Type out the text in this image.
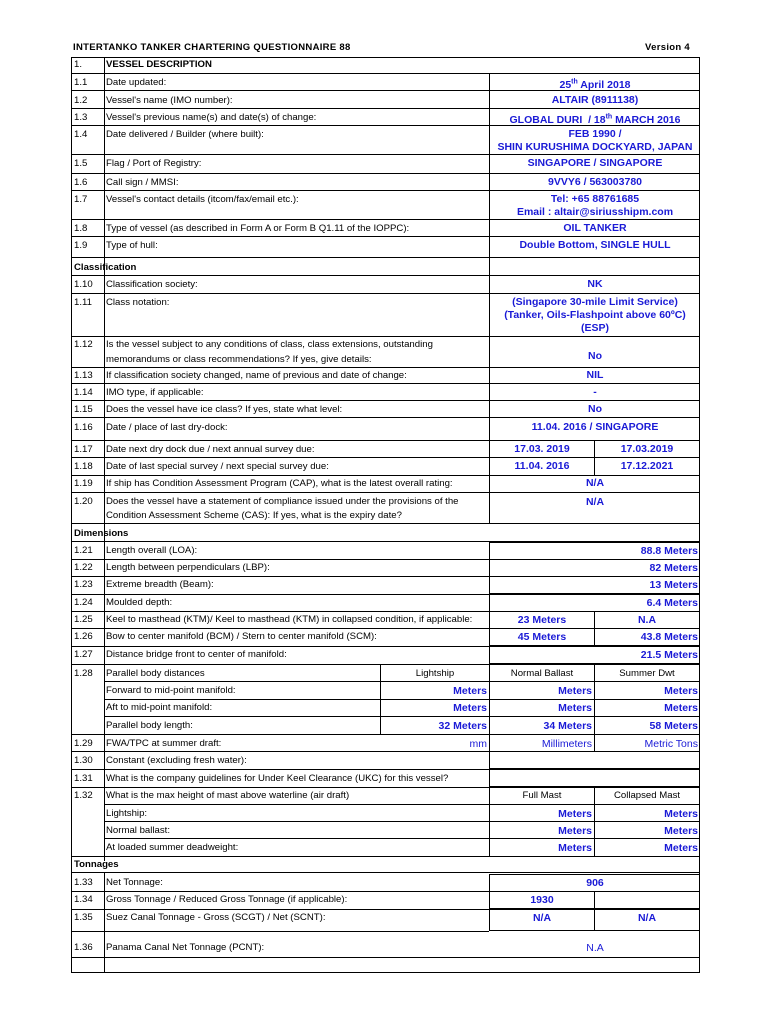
INTERTANKO TANKER CHARTERING QUESTIONNAIRE 88	Version 4
1. VESSEL DESCRIPTION
1.1 Date updated:	25th April 2018
1.2 Vessel's name (IMO number):	ALTAIR (8911138)
1.3 Vessel's previous name(s) and date(s) of change:	GLOBAL DURI  / 18th MARCH 2016
1.4 Date delivered / Builder (where built):	FEB 1990 /
SHIN KURUSHIMA DOCKYARD, JAPAN
1.5 Flag / Port of Registry:	SINGAPORE / SINGAPORE
1.6 Call sign / MMSI:	9VVY6 / 563003780
1.7 Vessel's contact details (itcom/fax/email etc.):	Tel: +65 88761685
Email : altair@siriusshipm.com
1.8 Type of vessel (as described in Form A or Form B Q1.11 of the IOPPC):	OIL TANKER
1.9 Type of hull:	Double Bottom, SINGLE HULL
Classification
1.10 Classification society:	NK
1.11 Class notation:	(Singapore 30-mile Limit Service)
(Tanker, Oils-Flashpoint above 60ºC)
(ESP)
1.12 Is the vessel subject to any conditions of class, class extensions, outstanding
memorandums or class recommendations? If yes, give details:	No
1.13 If classification society changed, name of previous and date of change:	NIL
1.14 IMO type, if applicable:	-
1.15 Does the vessel have ice class? If yes, state what level:	No
1.16 Date / place of last dry-dock:	11.04. 2016 / SINGAPORE
1.17 Date next dry dock due / next annual survey due:	17.03. 2019	17.03.2019
1.18 Date of last special survey / next special survey due:	11.04. 2016	17.12.2021
1.19 If ship has Condition Assessment Program (CAP), what is the latest overall rating:	N/A
1.20 Does the vessel have a statement of compliance issued under the provisions of the
Condition Assessment Scheme (CAS): If yes, what is the expiry date?
N/A
Dimensions
1.21 Length overall (LOA):	88.8 Meters
1.22 Length between perpendiculars (LBP):	82 Meters
1.23 Extreme breadth (Beam):	13 Meters
1.24 Moulded depth:	6.4 Meters
1.25 Keel to masthead (KTM)/ Keel to masthead (KTM) in collapsed condition, if applicable:	23 Meters	N.A
1.26 Bow to center manifold (BCM) / Stern to center manifold (SCM):	45 Meters	43.8 Meters
1.27 Distance bridge front to center of manifold:	21.5 Meters
1.28 Parallel body distances	Lightship	Normal Ballast	Summer Dwt
Forward to mid-point manifold:	Meters	Meters	Meters
Aft to mid-point manifold:	Meters	Meters	Meters
Parallel body length:	32 Meters	34 Meters	58 Meters
1.29 FWA/TPC at summer draft:	mm	Millimeters	Metric Tons
1.30 Constant (excluding fresh water):
1.31 What is the company guidelines for Under Keel Clearance (UKC) for this vessel?
1.32 What is the max height of mast above waterline (air draft)	Full Mast	Collapsed Mast
Lightship:	Meters	Meters
Normal ballast:	Meters	Meters
At loaded summer deadweight:	Meters	Meters
Tonnages
1.33 Net Tonnage:	906
1.34 Gross Tonnage / Reduced Gross Tonnage (if applicable):	1930
1.35 Suez Canal Tonnage - Gross (SCGT) / Net (SCNT):	N/A	N/A
1.36 Panama Canal Net Tonnage (PCNT):	N.A
